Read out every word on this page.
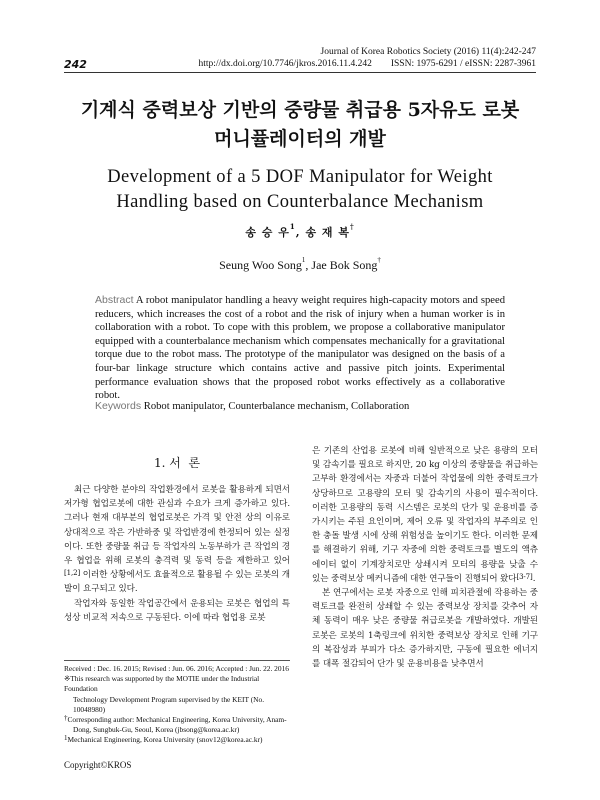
242
Journal of Korea Robotics Society (2016) 11(4):242-247
http://dx.doi.org/10.7746/jkros.2016.11.4.242        ISSN: 1975-6291 / eISSN: 2287-3961
기계식 중력보상 기반의 중량물 취급용 5자유도 로봇
머니퓰레이터의 개발
Development of a 5 DOF Manipulator for Weight
Handling based on Counterbalance Mechanism
송 승 우$^1$, 송 재 복†
Seung Woo Song$^1$, Jae Bok Song†
Abstract A robot manipulator handling a heavy weight requires high-capacity motors and speed reducers, which increases the cost of a robot and the risk of injury when a human worker is in collaboration with a robot. To cope with this problem, we propose a collaborative manipulator equipped with a counterbalance mechanism which compensates mechanically for a gravitational torque due to the robot mass. The prototype of the manipulator was designed on the basis of a four-bar linkage structure which contains active and passive pitch joints. Experimental performance evaluation shows that the proposed robot works effectively as a collaborative robot.
Keywords Robot manipulator, Counterbalance mechanism, Collaboration
1. 서  론

최근 다양한 분야의 작업환경에서 로봇을 활용하게 되면서 저가형 협업로봇에 대한 관심과 수요가 크게 증가하고 있다. 그러나 현재 대부분의 협업로봇은 가격 및 안전 상의 이유로 상대적으로 작은 가반하중 및 작업반경에 한정되어 있는 실정이다. 또한 중량물 취급 등 작업자의 노동부하가 큰 작업의 경우 협업을 위해 로봇의 충격력 및 동력 등을 제한하고 있어[1,2] 이러한 상황에서도 효율적으로 활용될 수 있는 로봇의 개발이 요구되고 있다.

작업자와 동일한 작업공간에서 운용되는 로봇은 협업의 특성상 비교적 저속으로 구동된다. 이에 따라 협업용 로봇

은 기존의 산업용 로봇에 비해 일반적으로 낮은 용량의 모터 및 감속기를 필요로 하지만, 20 kg 이상의 중량물을 취급하는 고부하 환경에서는 자중과 더불어 작업물에 의한 중력토크가 상당하므로 고용량의 모터 및 감속기의 사용이 필수적이다. 이러한 고용량의 동력 시스템은 로봇의 단가 및 운용비를 증가시키는 주된 요인이며, 제어 오류 및 작업자의 부주의로 인한 충돌 발생 시에 상해 위험성을 높이기도 한다. 이러한 문제를 해결하기 위해, 기구 자중에 의한 중력토크를 별도의 액츄에이터 없이 기계장치로만 상쇄시켜 모터의 용량을 낮출 수 있는 중력보상 메커니즘에 대한 연구들이 진행되어 왔다[3-7].

본 연구에서는 로봇 자중으로 인해 피치관절에 작용하는 중력토크를 완전히 상쇄할 수 있는 중력보상 장치를 갖추어 자체 동력이 매우 낮은 중량물 취급로봇을 개발하였다. 개발된 로봇은 로봇의 1축링크에 위치한 중력보상 장치로 인해 기구의 복잡성과 부피가 다소 증가하지만, 구동에 필요한 에너지를 대폭 절감되어 단가 및 운용비용을 낮추면서

Received : Dec. 16. 2015; Revised : Jun. 06. 2016; Accepted : Jun. 22. 2016
※This research was supported by the MOTIE under the Industrial Foundation
Technology Development Program supervised by the KEIT (No. 10048980)
†Corresponding author: Mechanical Engineering, Korea University, Anam-
Dong, Sungbuk-Gu, Seoul, Korea (jbsong@korea.ac.kr)
$^1$Mechanical Engineering, Korea University (snov12@korea.ac.kr)
Copyright©KROS
